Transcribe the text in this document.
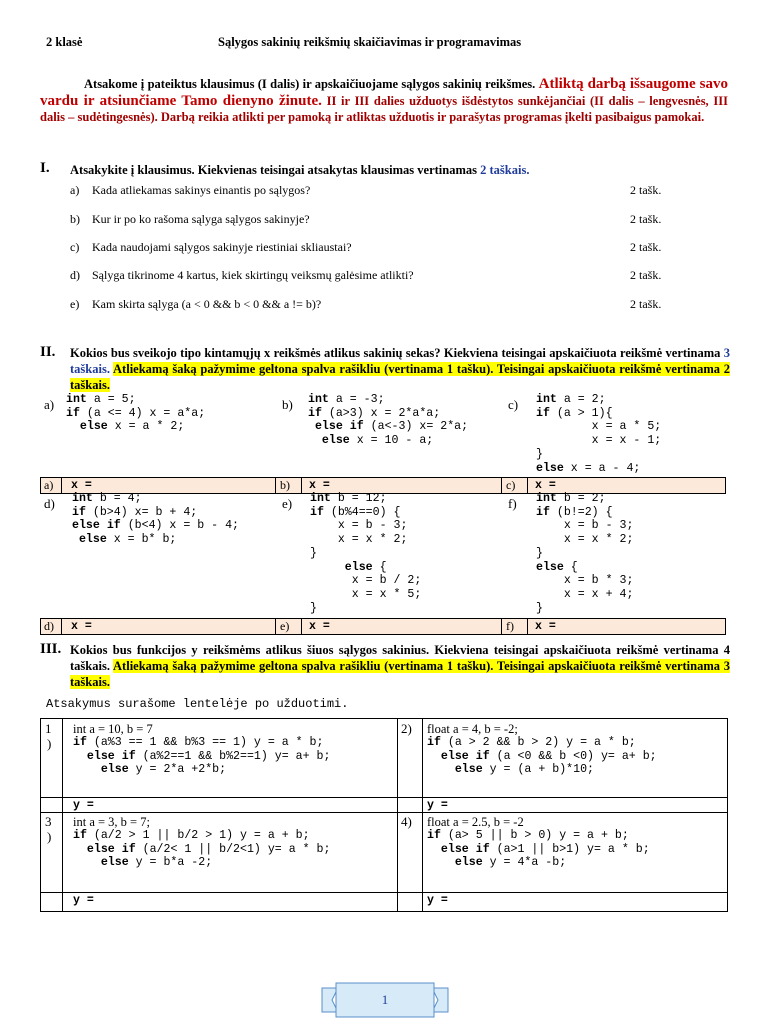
2 klasė	Sąlygos sakinių reikšmių skaičiavimas ir programavimas
Atsakome į pateiktus klausimus (I dalis) ir apskaičiuojame sąlygos sakinių reikšmes. Atliktą darbą išsaugome savo vardu ir atsiunčiame Tamo dienyno žinute. II ir III dalies užduotys išdėstytos sunkėjančiai (II dalis – lengvesnės, III dalis – sudėtingesnės). Darbą reikia atlikti per pamoką ir atliktas užduotis ir parašytas programas įkelti pasibaigus pamokai.
I. Atsakykite į klausimus. Kiekvienas teisingai atsakytas klausimas vertinamas 2 taškais.
a) Kada atliekamas sakinys einantis po sąlygos?	2 tašk.
b) Kur ir po ko rašoma sąlyga sąlygos sakinyje?	2 tašk.
c) Kada naudojami sąlygos sakinyje riestiniai skliaustai?	2 tašk.
d) Sąlyga tikrinome 4 kartus, kiek skirtingų veiksmų galėsime atlikti?	2 tašk.
e) Kam skirta sąlyga (a < 0 && b < 0 && a != b)?	2 tašk.
II. Kokios bus sveikojo tipo kintamųjų x reikšmės atlikus sakinių sekas? Kiekviena teisingai apskaičiuota reikšmė vertinama 3 taškais. Atliekamą šaką pažymime geltona spalva rašikliu (vertinama 1 tašku). Teisingai apskaičiuota reikšmė vertinama 2 taškais.
a) int a = 5;
if (a <= 4) x = a*a;
else x = a * 2;
b) int a = -3;
if (a>3) x = 2*a*a;
else if (a<-3) x= 2*a;
else x = 10 - a;
c) int a = 2;
if (a > 1){
x = a * 5;
x = x - 1;
}
else x = a - 4;
a) x =	b) x =	c) x =
d) int b = 4;
if (b>4) x= b + 4;
else if (b<4) x = b - 4;
else x = b* b;
e) int b = 12;
if (b%4==0) {
x = b - 3;
x = x * 2;
}
else {
x = b / 2;
x = x * 5;
}
f) int b = 2;
if (b!=2) {
x = b - 3;
x = x * 2;
}
else {
x = b * 3;
x = x + 4;
}
d) x =	e) x =	f) x =
III. Kokios bus funkcijos y reikšmėms atlikus šiuos sąlygos sakinius. Kiekviena teisingai apskaičiuota reikšmė vertinama 4 taškais. Atliekamą šaką pažymime geltona spalva rašikliu (vertinama 1 tašku). Teisingai apskaičiuota reikšmė vertinama 3 taškais.
Atsakymus surašome lentelėje po užduotimi.
1
)
int a = 10, b = 7
if (a%3 == 1 && b%3 == 1) y = a * b;
else if (a%2==1 && b%2==1) y= a+ b;
else y = 2*a +2*b;
2) float a = 4, b = -2;
if (a > 2 && b > 2) y = a * b;
else if (a <0 && b <0) y= a+ b;
else y = (a + b)*10;
y =	y =
3
)
int a = 3, b = 7;
if (a/2 > 1 || b/2 > 1) y = a + b;
else if (a/2< 1 || b/2<1) y= a * b;
else y = b*a -2;
4) float a = 2.5, b = -2
if (a> 5 || b > 0) y = a + b;
else if (a>1 || b>1) y= a * b;
else y = 4*a -b;
y =	y =
1
